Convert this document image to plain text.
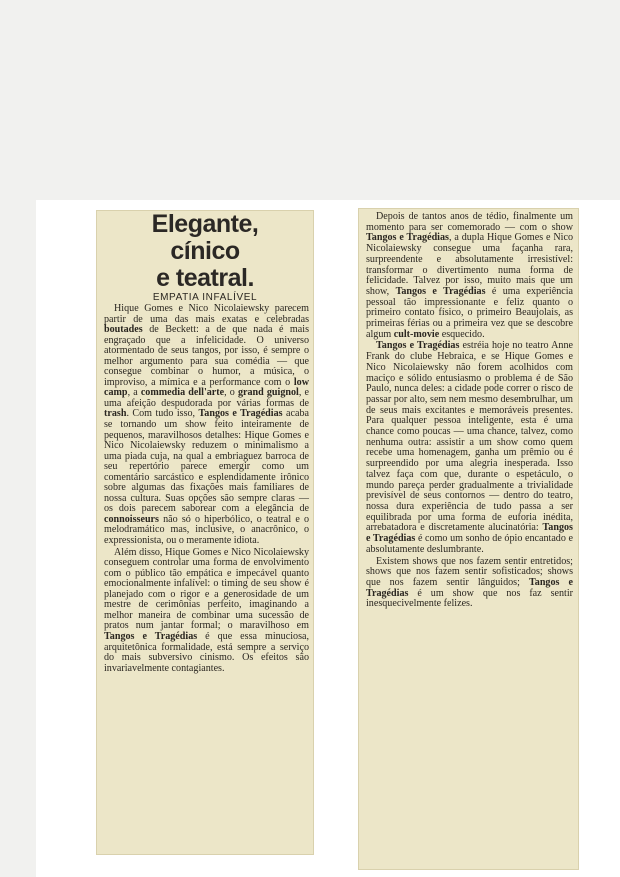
Elegante,
cínico
e teatral.
EMPATIA INFALÍVEL

Hique Gomes e Nico Nicolaiewsky parecem partir de uma das mais exatas e celebradas boutades de Beckett: a de que nada é mais engraçado que a infelicidade. O universo atormentado de seus tangos, por isso, é sempre o melhor argumento para sua comédia — que consegue combinar o humor, a música, o improviso, a mímica e a performance com o low camp, a commedia dell'arte, o grand guignol, e uma afeição despudorada por várias formas de trash. Com tudo isso, Tangos e Tragédias acaba se tornando um show feito inteiramente de pequenos, maravilhosos detalhes: Hique Gomes e Nico Nicolaiewsky reduzem o minimalismo a uma piada cuja, na qual a embriaguez barroca de seu repertório parece emergir como um comentário sarcástico e esplendidamente irônico sobre algumas das fixações mais familiares de nossa cultura. Suas opções são sempre claras — os dois parecem saborear com a elegância de connoisseurs não só o hiperbólico, o teatral e o melodramático mas, inclusive, o anacrônico, o expressionista, ou o meramente idiota.

Além disso, Hique Gomes e Nico Nicolaiewsky conseguem controlar uma forma de envolvimento com o público tão empática e impecável quanto emocionalmente infalível: o timing de seu show é planejado com o rigor e a generosidade de um mestre de cerimônias perfeito, imaginando a melhor maneira de combinar uma sucessão de pratos num jantar formal; o maravilhoso em Tangos e Tragédias é que essa minuciosa, arquitetônica formalidade, está sempre a serviço do mais subversivo cinismo. Os efeitos são invariavelmente contagiantes.

Depois de tantos anos de tédio, finalmente um momento para ser comemorado — com o show Tangos e Tragédias, a dupla Hique Gomes e Nico Nicolaiewsky consegue uma façanha rara, surpreendente e absolutamente irresistível: transformar o divertimento numa forma de felicidade. Talvez por isso, muito mais que um show, Tangos e Tragédias é uma experiência pessoal tão impressionante e feliz quanto o primeiro contato físico, o primeiro Beaujolais, as primeiras férias ou a primeira vez que se descobre algum cult-movie esquecido.

Tangos e Tragédias estréia hoje no teatro Anne Frank do clube Hebraica, e se Hique Gomes e Nico Nicolaiewsky não forem acolhidos com maciço e sólido entusiasmo o problema é de São Paulo, nunca deles: a cidade pode correr o risco de passar por alto, sem nem mesmo desembrulhar, um de seus mais excitantes e memoráveis presentes. Para qualquer pessoa inteligente, esta é uma chance como poucas — uma chance, talvez, como nenhuma outra: assistir a um show como quem recebe uma homenagem, ganha um prêmio ou é surpreendido por uma alegria inesperada. Isso talvez faça com que, durante o espetáculo, o mundo pareça perder gradualmente a trivialidade previsível de seus contornos — dentro do teatro, nossa dura experiência de tudo passa a ser equilibrada por uma forma de euforia inédita, arrebatadora e discretamente alucinatória: Tangos e Tragédias é como um sonho de ópio encantado e absolutamente deslumbrante.

Existem shows que nos fazem sentir entretidos; shows que nos fazem sentir sofisticados; shows que nos fazem sentir lânguidos; Tangos e Tragédias é um show que nos faz sentir inesquecivelmente felizes.
